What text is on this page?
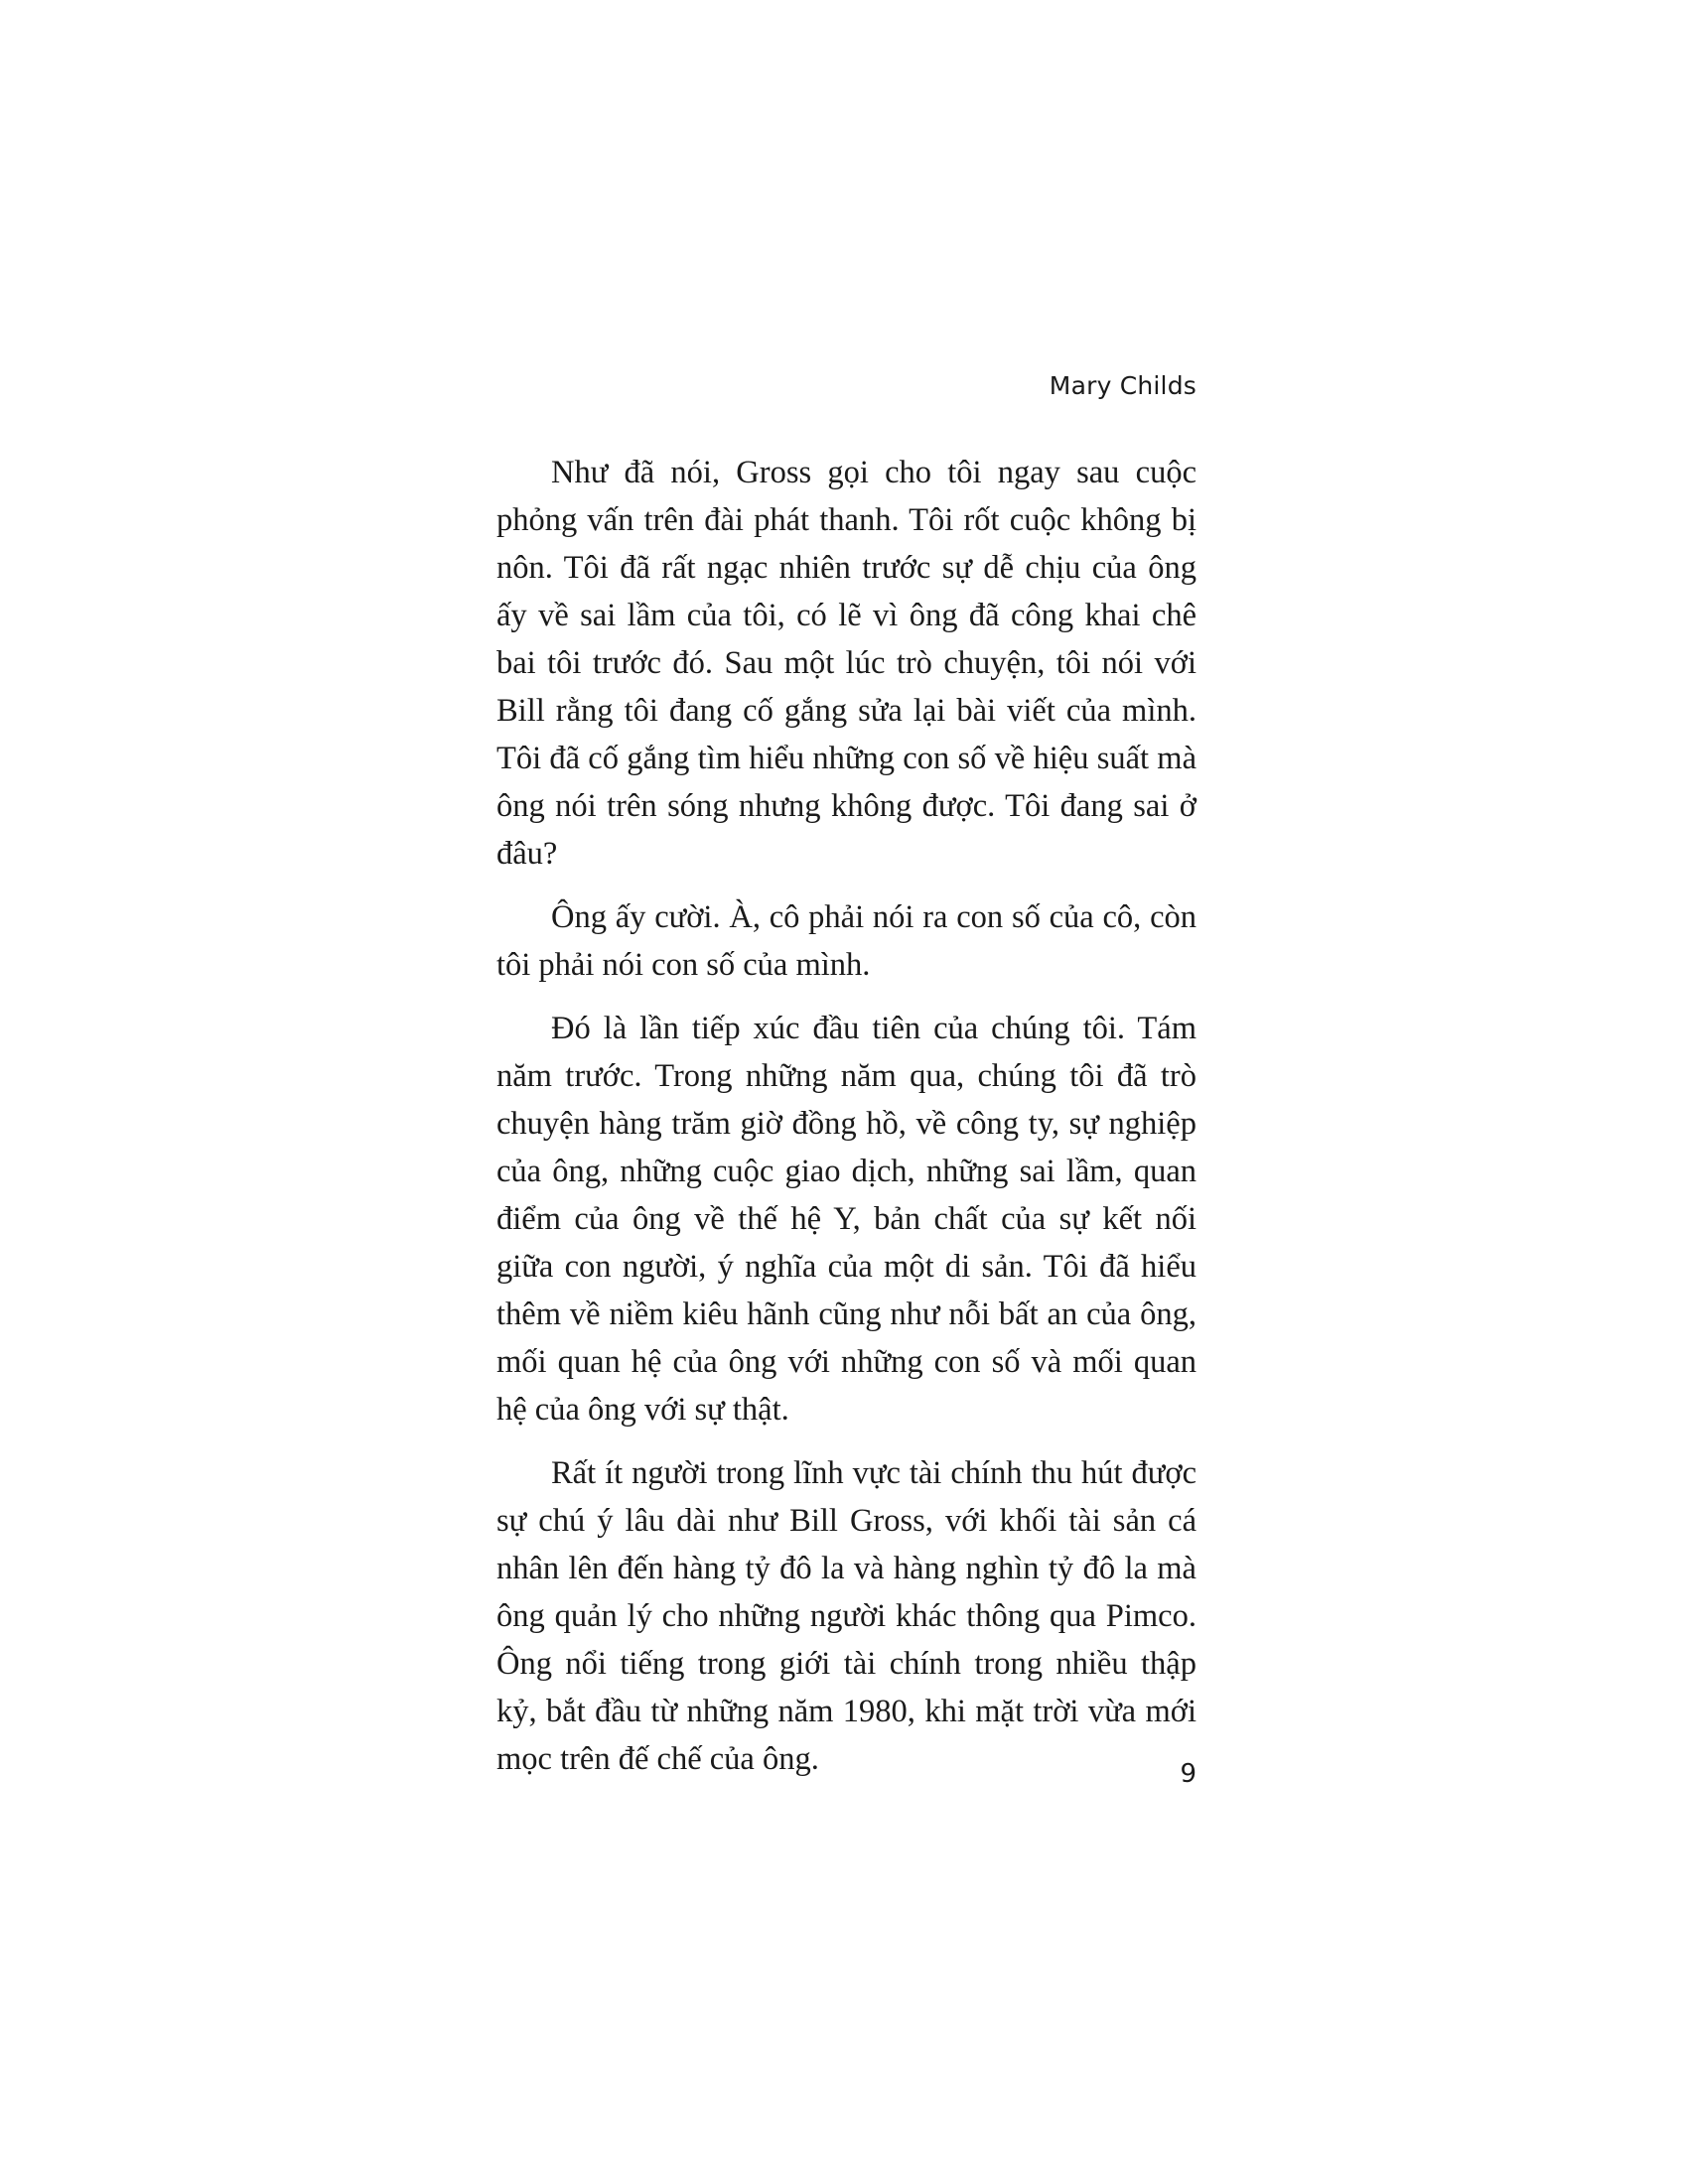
Mary Childs

Như đã nói, Gross gọi cho tôi ngay sau cuộc phỏng vấn trên đài phát thanh. Tôi rốt cuộc không bị nôn. Tôi đã rất ngạc nhiên trước sự dễ chịu của ông ấy về sai lầm của tôi, có lẽ vì ông đã công khai chê bai tôi trước đó. Sau một lúc trò chuyện, tôi nói với Bill rằng tôi đang cố gắng sửa lại bài viết của mình. Tôi đã cố gắng tìm hiểu những con số về hiệu suất mà ông nói trên sóng nhưng không được. Tôi đang sai ở đâu?

Ông ấy cười. À, cô phải nói ra con số của cô, còn tôi phải nói con số của mình.

Đó là lần tiếp xúc đầu tiên của chúng tôi. Tám năm trước. Trong những năm qua, chúng tôi đã trò chuyện hàng trăm giờ đồng hồ, về công ty, sự nghiệp của ông, những cuộc giao dịch, những sai lầm, quan điểm của ông về thế hệ Y, bản chất của sự kết nối giữa con người, ý nghĩa của một di sản. Tôi đã hiểu thêm về niềm kiêu hãnh cũng như nỗi bất an của ông, mối quan hệ của ông với những con số và mối quan hệ của ông với sự thật.

Rất ít người trong lĩnh vực tài chính thu hút được sự chú ý lâu dài như Bill Gross, với khối tài sản cá nhân lên đến hàng tỷ đô la và hàng nghìn tỷ đô la mà ông quản lý cho những người khác thông qua Pimco. Ông nổi tiếng trong giới tài chính trong nhiều thập kỷ, bắt đầu từ những năm 1980, khi mặt trời vừa mới mọc trên đế chế của ông.	9
